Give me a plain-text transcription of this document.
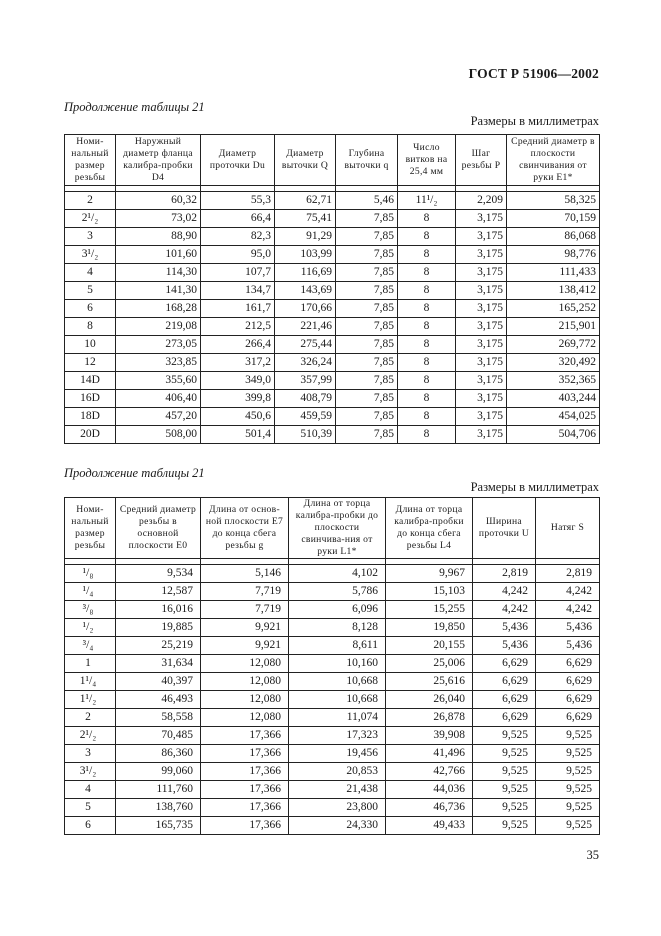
ГОСТ Р 51906—2002
Продолжение таблицы 21
Размеры в миллиметрах
Номи-нальный размер резьбы	Наружный диаметр фланца калибра-пробки D4	Диаметр проточки Du	Диаметр выточки Q	Глубина выточки q	Число витков на 25,4 мм	Шаг резьбы P	Средний диаметр в плоскости свинчивания от руки E1*

2	60,32	55,3	62,71	5,46	11¹/₂	2,209	58,325
2¹/₂	73,02	66,4	75,41	7,85	8	3,175	70,159
3	88,90	82,3	91,29	7,85	8	3,175	86,068
3¹/₂	101,60	95,0	103,99	7,85	8	3,175	98,776
4	114,30	107,7	116,69	7,85	8	3,175	111,433
5	141,30	134,7	143,69	7,85	8	3,175	138,412
6	168,28	161,7	170,66	7,85	8	3,175	165,252
8	219,08	212,5	221,46	7,85	8	3,175	215,901
10	273,05	266,4	275,44	7,85	8	3,175	269,772
12	323,85	317,2	326,24	7,85	8	3,175	320,492
14D	355,60	349,0	357,99	7,85	8	3,175	352,365
16D	406,40	399,8	408,79	7,85	8	3,175	403,244
18D	457,20	450,6	459,59	7,85	8	3,175	454,025
20D	508,00	501,4	510,39	7,85	8	3,175	504,706
Продолжение таблицы 21
Размеры в миллиметрах
Номи-нальный размер резьбы	Средний диаметр резьбы в основной плоскости E0	Длина от основ-ной плоскости E7 до конца сбега резьбы g	Длина от торца калибра-пробки до плоскости свинчива-ния от руки L1*	Длина от торца калибра-пробки до конца сбега резьбы L4	Ширина проточки U	Натяг S

¹/₈	9,534	5,146	4,102	9,967	2,819	2,819
¹/₄	12,587	7,719	5,786	15,103	4,242	4,242
³/₈	16,016	7,719	6,096	15,255	4,242	4,242
¹/₂	19,885	9,921	8,128	19,850	5,436	5,436
³/₄	25,219	9,921	8,611	20,155	5,436	5,436
1	31,634	12,080	10,160	25,006	6,629	6,629
1¹/₄	40,397	12,080	10,668	25,616	6,629	6,629
1¹/₂	46,493	12,080	10,668	26,040	6,629	6,629
2	58,558	12,080	11,074	26,878	6,629	6,629
2¹/₂	70,485	17,366	17,323	39,908	9,525	9,525
3	86,360	17,366	19,456	41,496	9,525	9,525
3¹/₂	99,060	17,366	20,853	42,766	9,525	9,525
4	111,760	17,366	21,438	44,036	9,525	9,525
5	138,760	17,366	23,800	46,736	9,525	9,525
6	165,735	17,366	24,330	49,433	9,525	9,525
35
